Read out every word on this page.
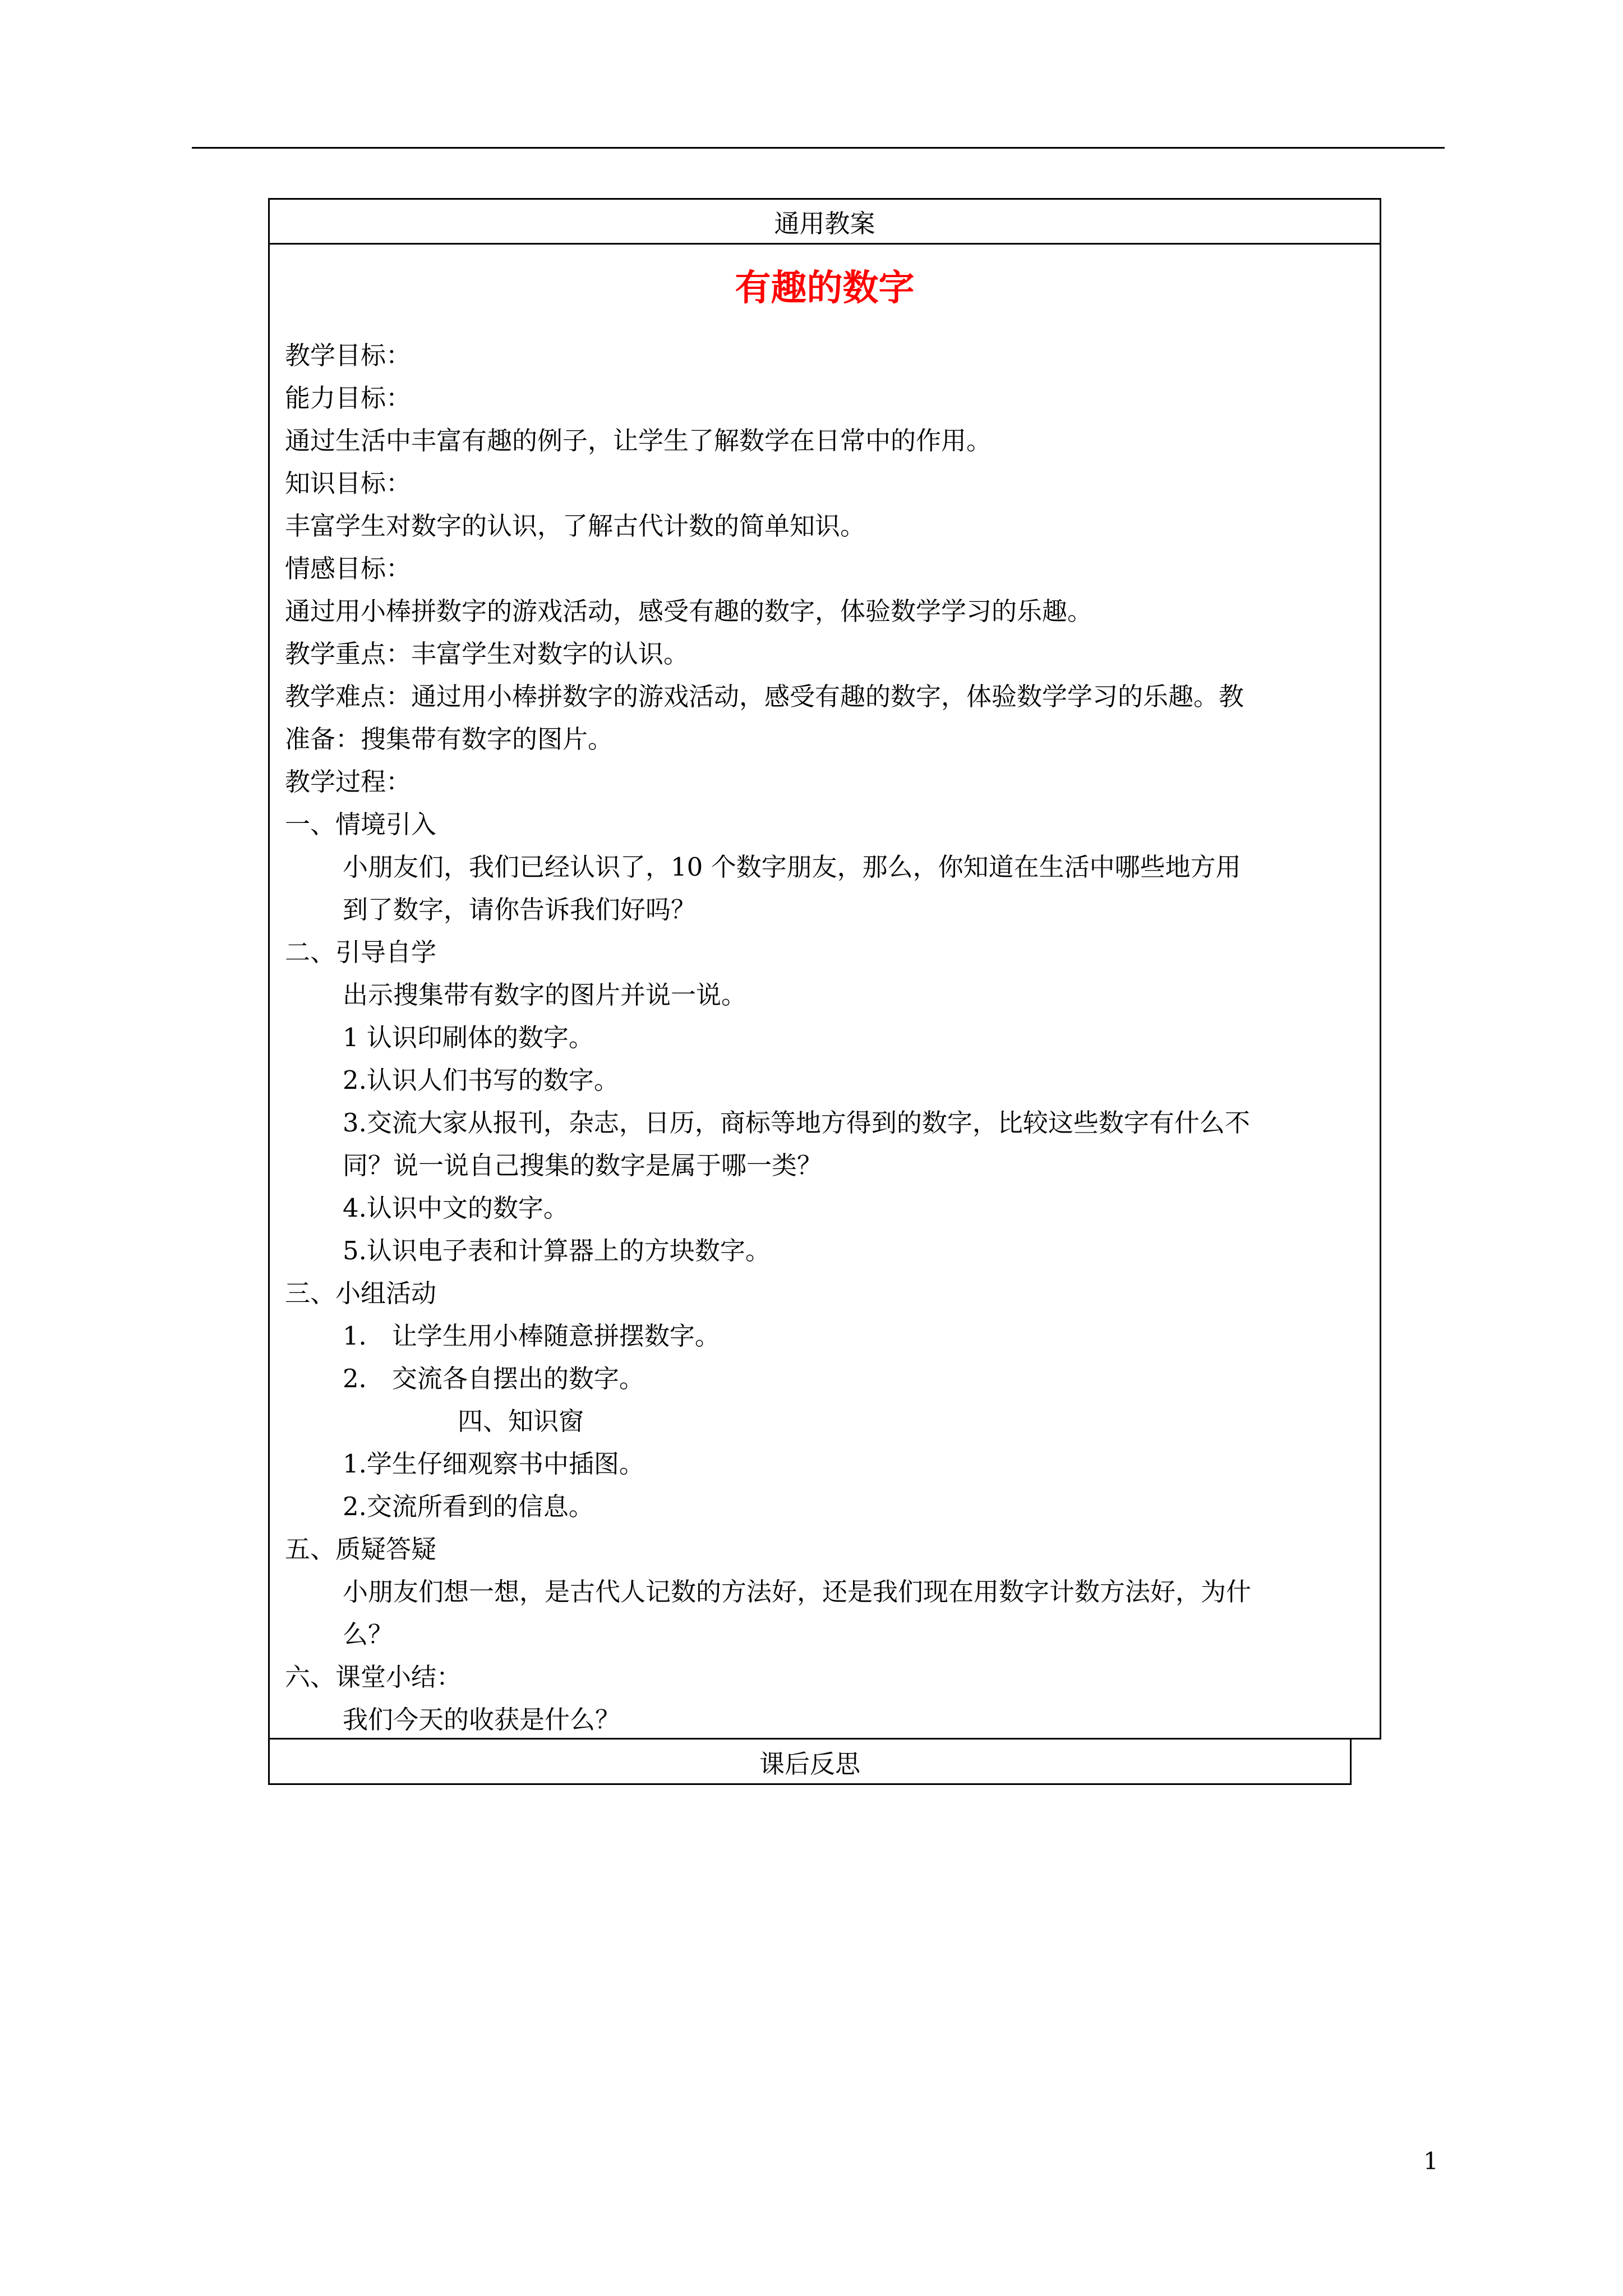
通用教案
有趣的数字
教学目标：
能力目标：
通过生活中丰富有趣的例子，让学生了解数学在日常中的作用。
知识目标：
丰富学生对数字的认识，了解古代计数的简单知识。
情感目标：
通过用小棒拼数字的游戏活动，感受有趣的数字，体验数学学习的乐趣。
教学重点：丰富学生对数字的认识。
教学难点：通过用小棒拼数字的游戏活动，感受有趣的数字，体验数学学习的乐趣。教
准备：搜集带有数字的图片。
教学过程：
一、情境引入
小朋友们，我们已经认识了，10 个数字朋友，那么，你知道在生活中哪些地方用
到了数字，请你告诉我们好吗？
二、引导自学
出示搜集带有数字的图片并说一说。
1 认识印刷体的数字。
2.认识人们书写的数字。
3.交流大家从报刊，杂志，日历，商标等地方得到的数字，比较这些数字有什么不
同？说一说自己搜集的数字是属于哪一类？
4.认识中文的数字。
5.认识电子表和计算器上的方块数字。
三、小组活动
1． 让学生用小棒随意拼摆数字。
2． 交流各自摆出的数字。
四、知识窗
1.学生仔细观察书中插图。
2.交流所看到的信息。
五、质疑答疑
小朋友们想一想，是古代人记数的方法好，还是我们现在用数字计数方法好，为什
么？
六、课堂小结：
我们今天的收获是什么？
课后反思
1
